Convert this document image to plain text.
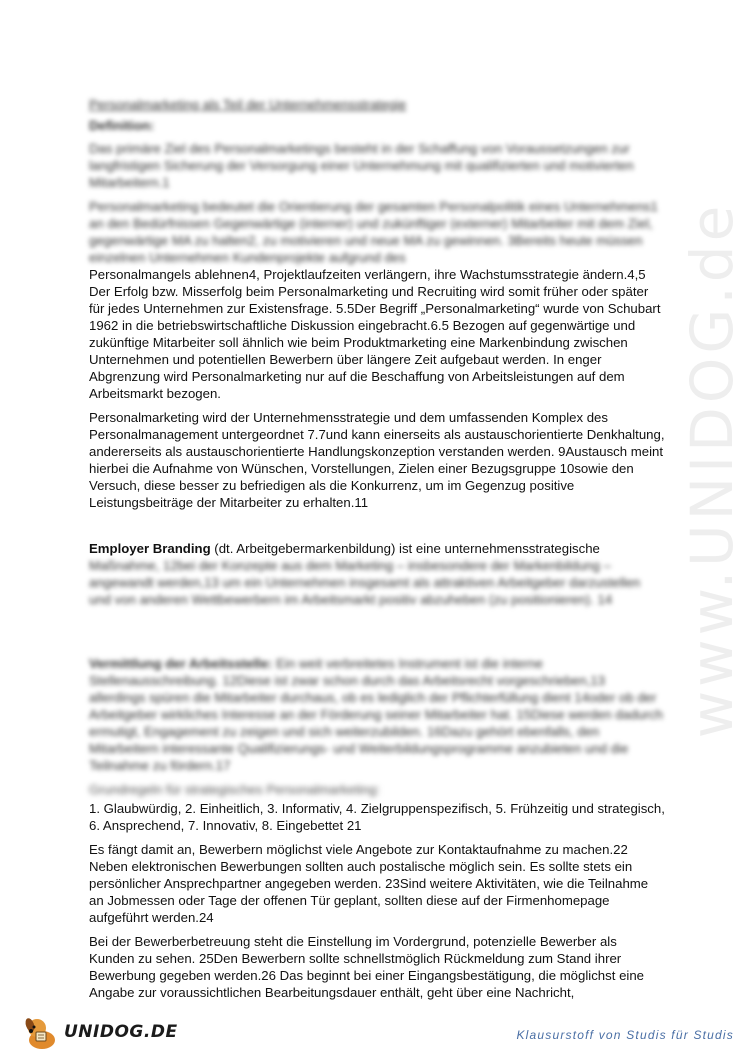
www.UNIDOG.de
Personalmarketing als Teil der Unternehmensstrategie
Definition:
Das primäre Ziel des Personalmarketings besteht in der Schaffung von Voraussetzungen zur langfristigen Sicherung der Versorgung einer Unternehmung mit qualifizierten und motivierten Mitarbeitern.1
Personalmarketing bedeutet die Orientierung der gesamten Personalpolitik eines Unternehmens1 an den Bedürfnissen Gegenwärtige (interner) und zukünftiger (externer) Mitarbeiter mit dem Ziel, gegenwärtige MA zu halten2, zu motivieren und neue MA zu gewinnen. 3Bereits heute müssen einzelnen Unternehmen Kundenprojekte aufgrund des
Personalmangels ablehnen4, Projektlaufzeiten verlängern, ihre Wachstumsstrategie ändern.4,5 Der Erfolg bzw. Misserfolg beim Personalmarketing und Recruiting wird somit früher oder später für jedes Unternehmen zur Existensfrage. 5.5Der Begriff „Personalmarketing“ wurde von Schubart 1962 in die betriebswirtschaftliche Diskussion eingebracht.6.5 Bezogen auf gegenwärtige und zukünftige Mitarbeiter soll ähnlich wie beim Produktmarketing eine Markenbindung zwischen Unternehmen und potentiellen Bewerbern über längere Zeit aufgebaut werden. In enger Abgrenzung wird Personalmarketing nur auf die Beschaffung von Arbeitsleistungen auf dem Arbeitsmarkt bezogen.
Personalmarketing wird der Unternehmensstrategie und dem umfassenden Komplex des Personalmanagement untergeordnet 7.7und kann einerseits als austauschorientierte Denkhaltung, andererseits als austauschorientierte Handlungskonzeption verstanden werden. 9Austausch meint hierbei die Aufnahme von Wünschen, Vorstellungen, Zielen einer Bezugsgruppe 10sowie den Versuch, diese besser zu befriedigen als die Konkurrenz, um im Gegenzug positive Leistungsbeiträge der Mitarbeiter zu erhalten.11
Employer Branding (dt. Arbeitgebermarkenbildung) ist eine unternehmensstrategische
Maßnahme, 12bei der Konzepte aus dem Marketing – insbesondere der Markenbildung – angewandt werden,13 um ein Unternehmen insgesamt als attraktiven Arbeitgeber darzustellen und von anderen Wettbewerbern im Arbeitsmarkt positiv abzuheben (zu positionieren). 14
Vermittlung der Arbeitsstelle: Ein weit verbreitetes Instrument ist die interne Stellenausschreibung. 12Diese ist zwar schon durch das Arbeitsrecht vorgeschrieben,13 allerdings spüren die Mitarbeiter durchaus, ob es lediglich der Pflichterfüllung dient 14oder ob der Arbeitgeber wirkliches Interesse an der Förderung seiner Mitarbeiter hat. 15Diese werden dadurch ermutigt, Engagement zu zeigen und sich weiterzubilden. 16Dazu gehört ebenfalls, den Mitarbeitern interessante Qualifizierungs- und Weiterbildungsprogramme anzubieten und die Teilnahme zu fördern.17
Grundregeln für strategisches Personalmarketing:
1. Glaubwürdig, 2. Einheitlich, 3. Informativ, 4. Zielgruppenspezifisch, 5. Frühzeitig und strategisch, 6. Ansprechend, 7. Innovativ, 8. Eingebettet 21
Es fängt damit an, Bewerbern möglichst viele Angebote zur Kontaktaufnahme zu machen.22 Neben elektronischen Bewerbungen sollten auch postalische möglich sein. Es sollte stets ein persönlicher Ansprechpartner angegeben werden. 23Sind weitere Aktivitäten, wie die Teilnahme an Jobmessen oder Tage der offenen Tür geplant, sollten diese auf der Firmenhomepage aufgeführt werden.24
Bei der Bewerberbetreuung steht die Einstellung im Vordergrund, potenzielle Bewerber als Kunden zu sehen. 25Den Bewerbern sollte schnellstmöglich Rückmeldung zum Stand ihrer Bewerbung gegeben werden.26 Das beginnt bei einer Eingangsbestätigung, die möglichst eine Angabe zur voraussichtlichen Bearbeitungsdauer enthält, geht über eine Nachricht,
UNIDOG.DE	Klausurstoff von Studis für Studis
